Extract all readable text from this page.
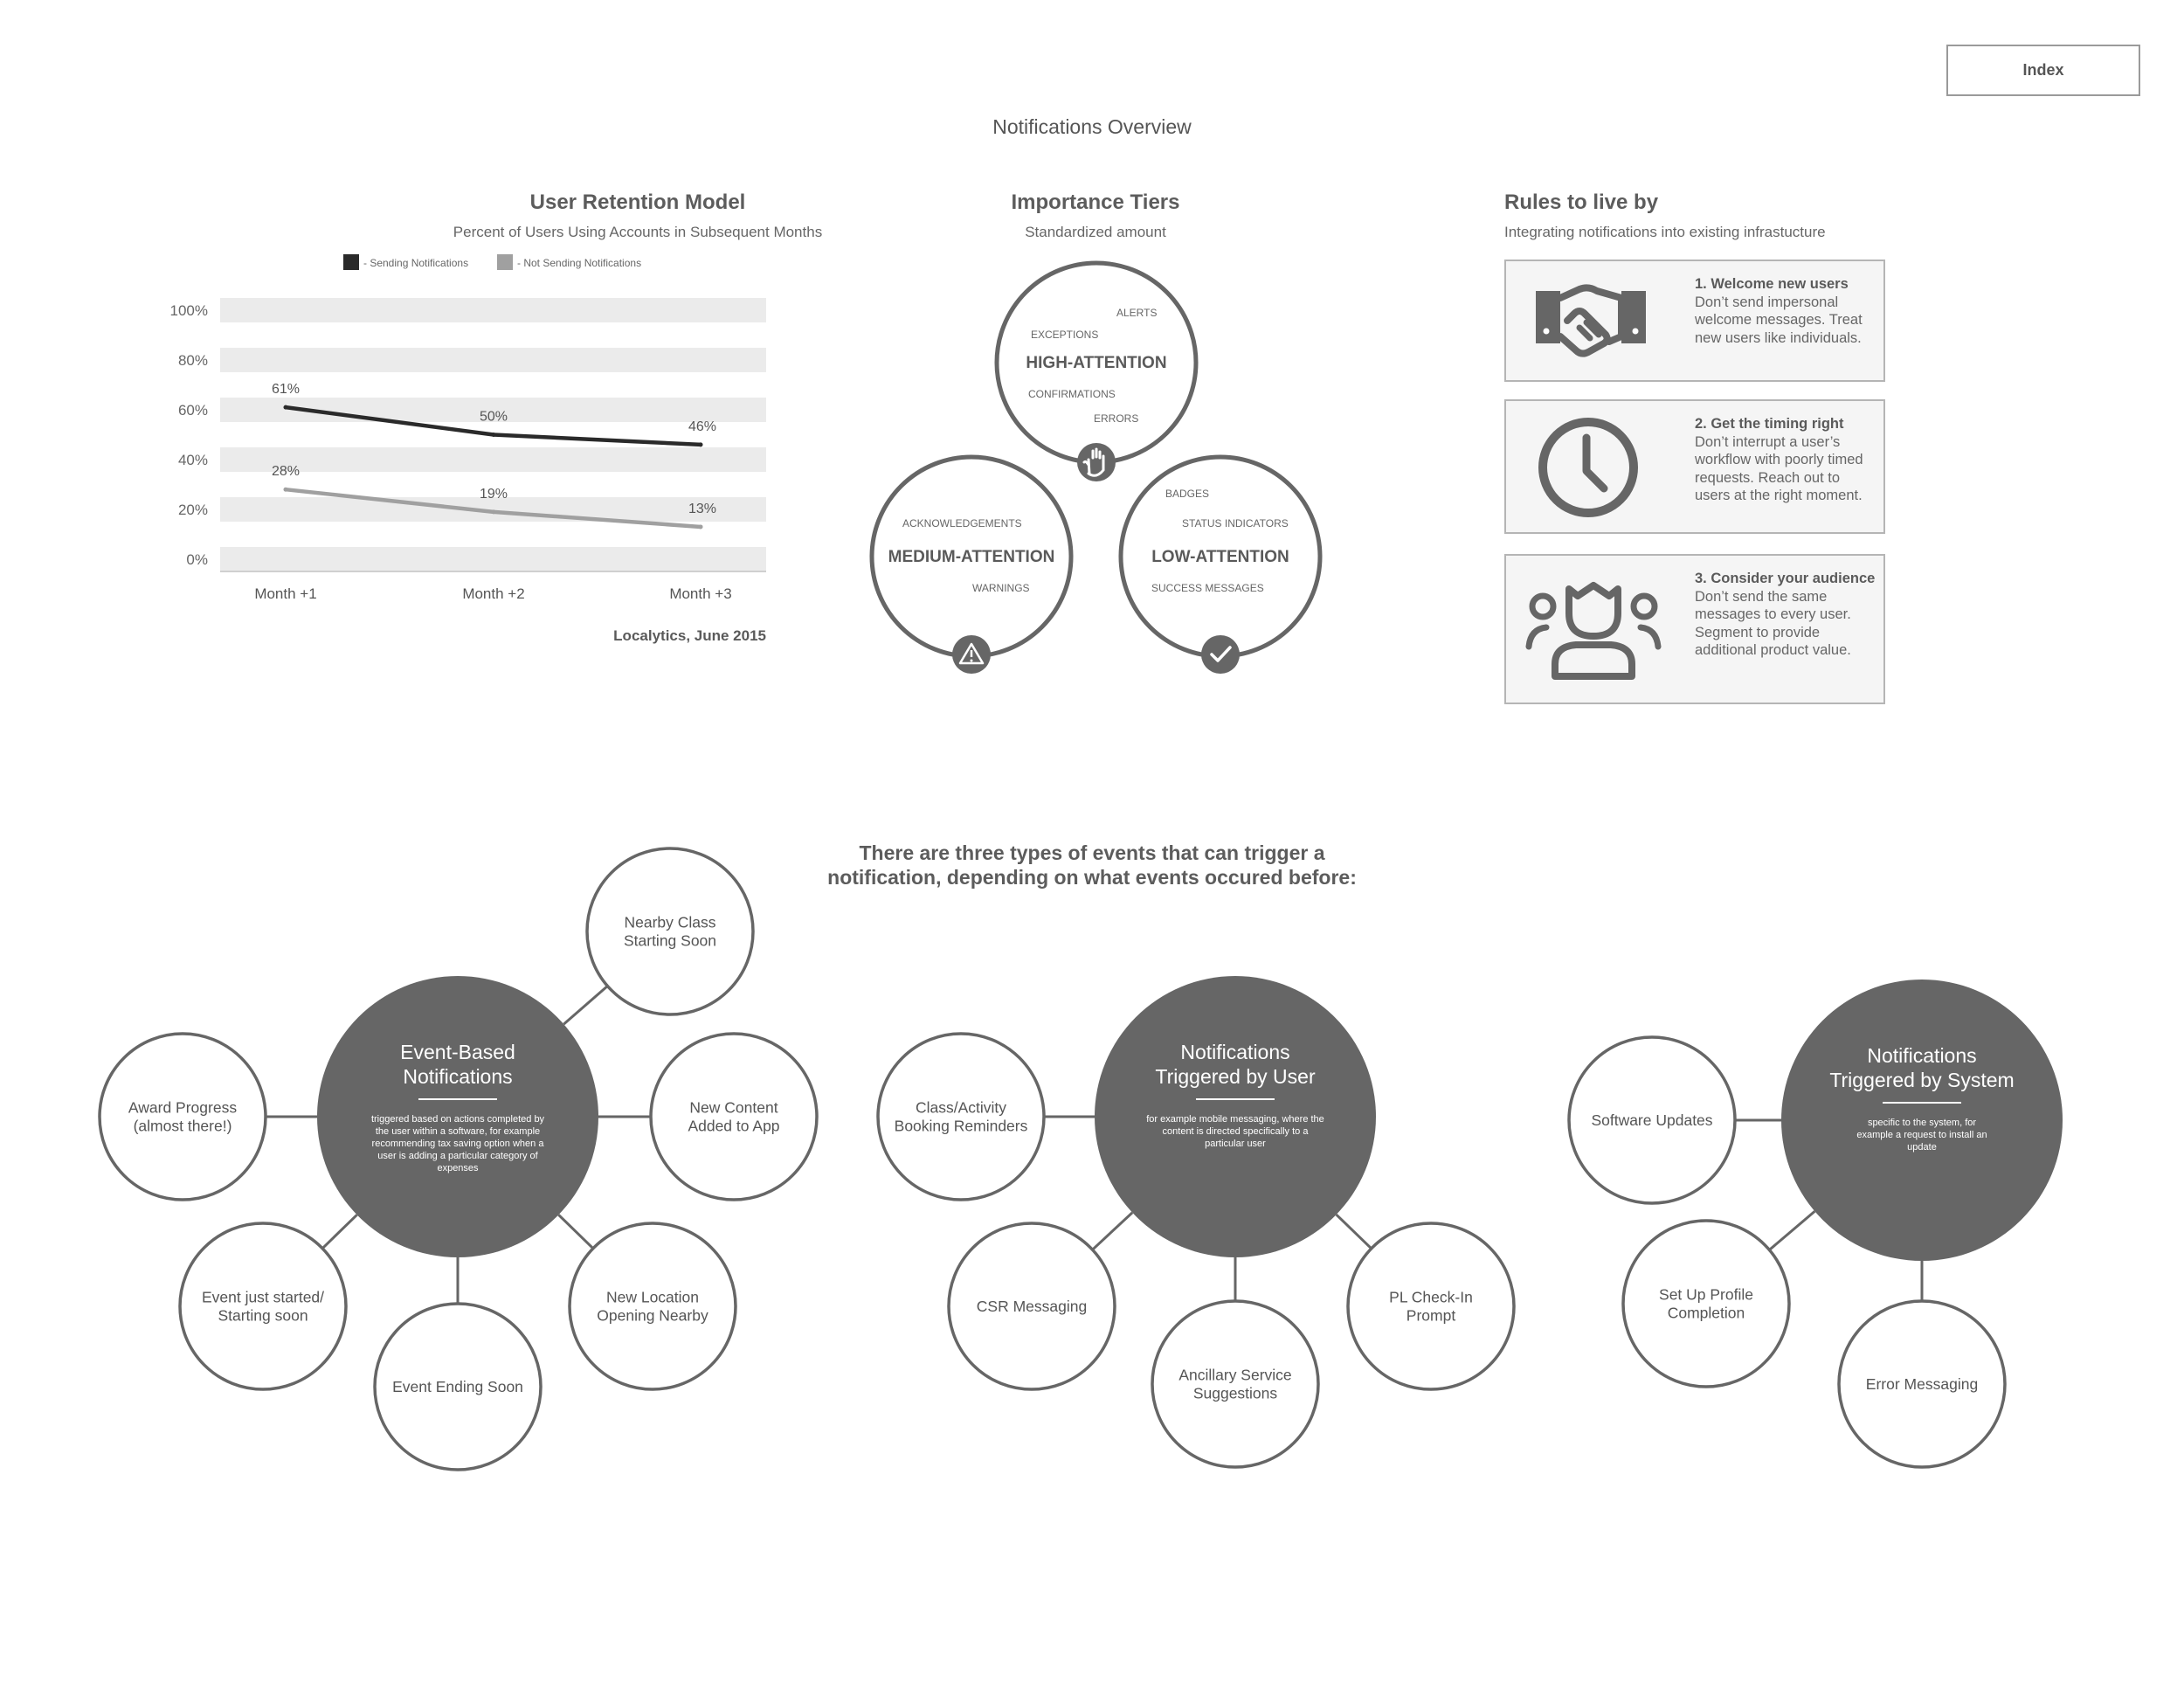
Index
Notifications Overview
User Retention Model
Percent of Users Using Accounts in Subsequent Months
Importance Tiers
Standardized amount
Rules to live by
Integrating notifications into existing infrastucture
100%
80%
60%
40%
20%
0%
Month +1	Month +2	Month +3
61%
50%
46%
28%
19%
13%
- Sending Notifications	- Not Sending Notifications
Localytics, June 2015
ALERTS
EXCEPTIONS
HIGH-ATTENTION
CONFIRMATIONS
ERRORS
ACKNOWLEDGEMENTS
MEDIUM-ATTENTION
WARNINGS
BADGES
STATUS INDICATORS
LOW-ATTENTION
SUCCESS MESSAGES
1. Welcome new users
Don’t send impersonal welcome messages. Treat new users like individuals.
2. Get the timing right
Don’t interrupt a user’s workflow with poorly timed requests. Reach out to users at the right moment.
3. Consider your audience
Don’t send the same messages to every user. Segment to provide additional product value.
There are three types of events that can trigger a
notification, depending on what events occured before:
Nearby Class
Starting Soon
New Content
Added to App
New Location
Opening Nearby
Event Ending Soon
Event just started/
Starting soon
Award Progress
(almost there!)
Event-Based
Notifications
triggered based on actions completed by
the user within a software, for example
recommending tax saving option when a
user is adding a particular category of
expenses
Class/Activity
Booking Reminders
CSR Messaging
Ancillary Service
Suggestions
PL Check-In
Prompt
Notifications
Triggered by User
for example mobile messaging, where the
content is directed specifically to a
particular user
Software Updates
Set Up Profile
Completion
Error Messaging
Notifications
Triggered by System
specific to the system, for
example a request to install an
update
